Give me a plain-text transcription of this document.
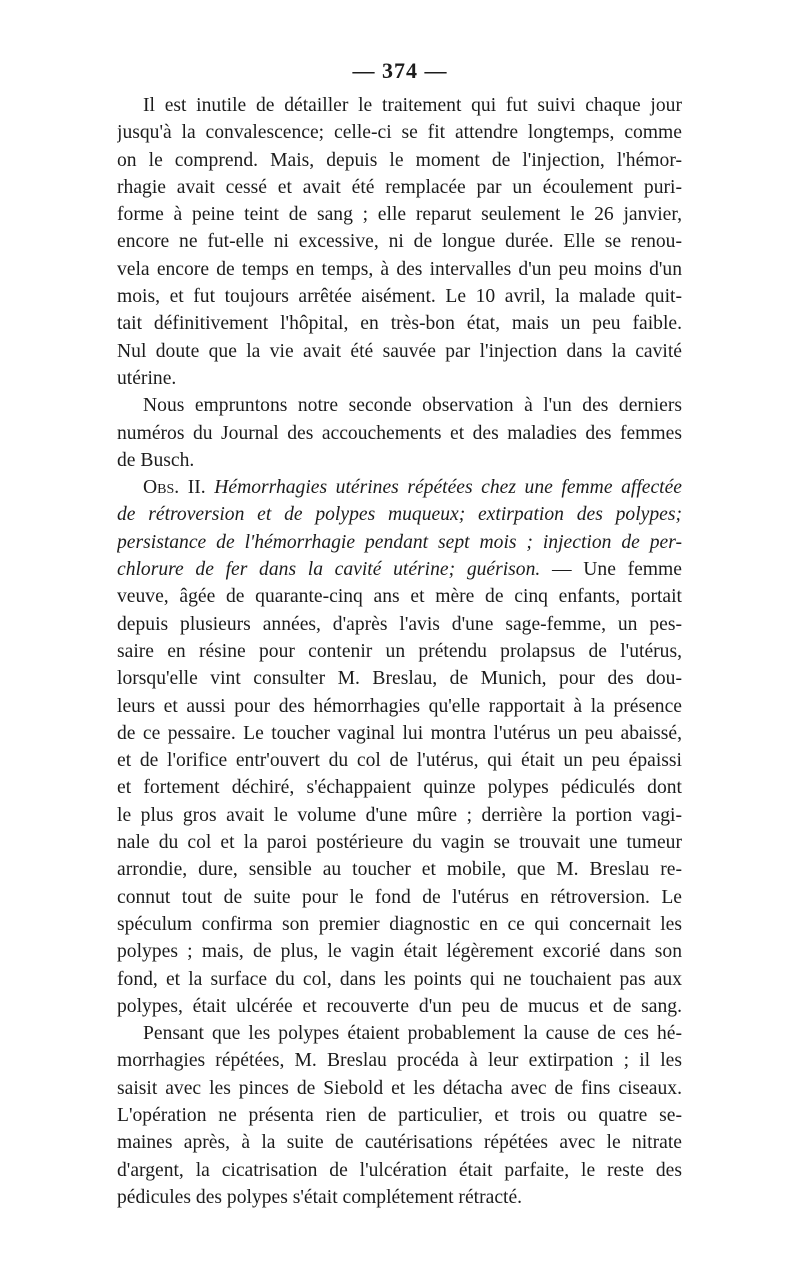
— 374 —
Il est inutile de détailler le traitement qui fut suivi chaque jour
jusqu'à la convalescence; celle-ci se fit attendre longtemps, comme
on le comprend. Mais, depuis le moment de l'injection, l'hémor-
rhagie avait cessé et avait été remplacée par un écoulement puri-
forme à peine teint de sang ; elle reparut seulement le 26 janvier,
encore ne fut-elle ni excessive, ni de longue durée. Elle se renou-
vela encore de temps en temps, à des intervalles d'un peu moins d'un
mois, et fut toujours arrêtée aisément. Le 10 avril, la malade quit-
tait définitivement l'hôpital, en très-bon état, mais un peu faible.
Nul doute que la vie avait été sauvée par l'injection dans la cavité
utérine.
Nous empruntons notre seconde observation à l'un des derniers
numéros du Journal des accouchements et des maladies des femmes
de Busch.
Obs. II. Hémorrhagies utérines répétées chez une femme affectée
de rétroversion et de polypes muqueux; extirpation des polypes;
persistance de l'hémorrhagie pendant sept mois ; injection de per-
chlorure de fer dans la cavité utérine; guérison. — Une femme
veuve, âgée de quarante-cinq ans et mère de cinq enfants, portait
depuis plusieurs années, d'après l'avis d'une sage-femme, un pes-
saire en résine pour contenir un prétendu prolapsus de l'utérus,
lorsqu'elle vint consulter M. Breslau, de Munich, pour des dou-
leurs et aussi pour des hémorrhagies qu'elle rapportait à la présence
de ce pessaire. Le toucher vaginal lui montra l'utérus un peu abaissé,
et de l'orifice entr'ouvert du col de l'utérus, qui était un peu épaissi
et fortement déchiré, s'échappaient quinze polypes pédiculés dont
le plus gros avait le volume d'une mûre ; derrière la portion vagi-
nale du col et la paroi postérieure du vagin se trouvait une tumeur
arrondie, dure, sensible au toucher et mobile, que M. Breslau re-
connut tout de suite pour le fond de l'utérus en rétroversion. Le
spéculum confirma son premier diagnostic en ce qui concernait les
polypes ; mais, de plus, le vagin était légèrement excorié dans son
fond, et la surface du col, dans les points qui ne touchaient pas aux
polypes, était ulcérée et recouverte d'un peu de mucus et de sang.
Pensant que les polypes étaient probablement la cause de ces hé-
morrhagies répétées, M. Breslau procéda à leur extirpation ; il les
saisit avec les pinces de Siebold et les détacha avec de fins ciseaux.
L'opération ne présenta rien de particulier, et trois ou quatre se-
maines après, à la suite de cautérisations répétées avec le nitrate
d'argent, la cicatrisation de l'ulcération était parfaite, le reste des
pédicules des polypes s'était complétement rétracté.
